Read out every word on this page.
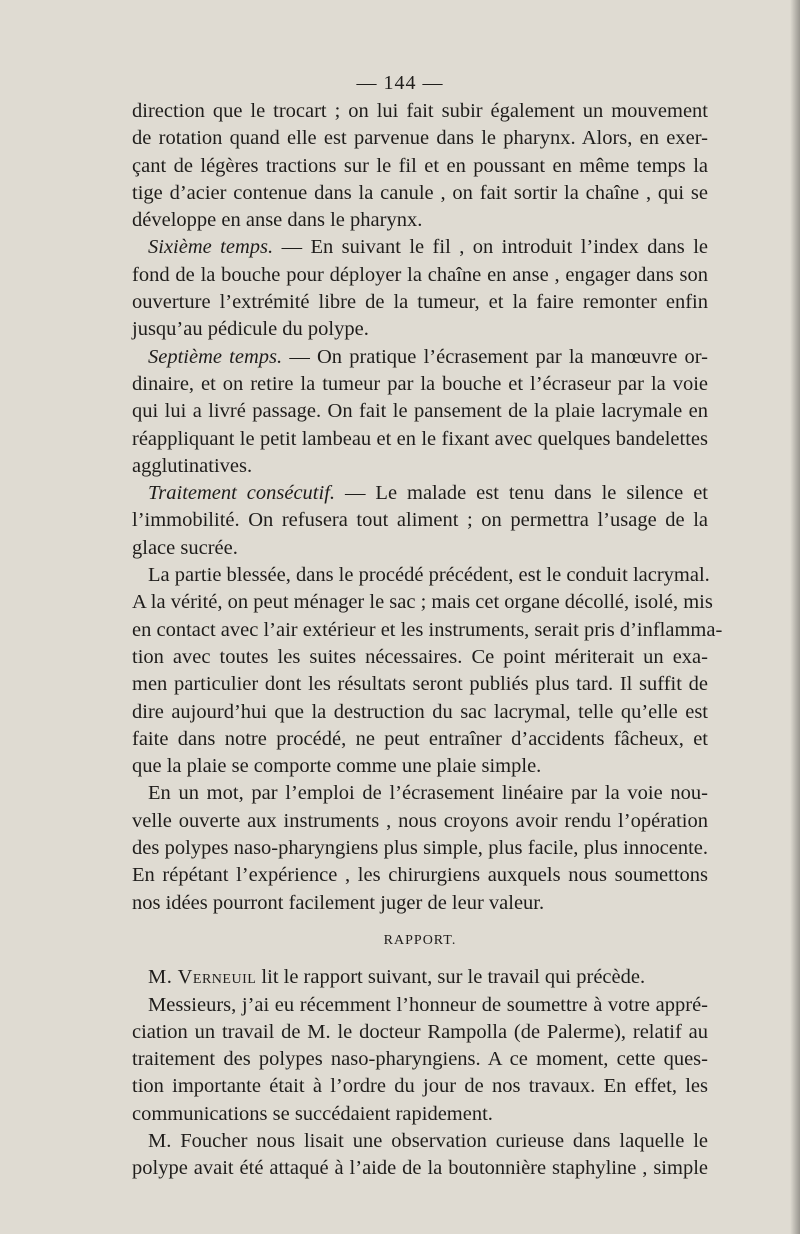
— 144 —
direction que le trocart ; on lui fait subir également un mouvement
de rotation quand elle est parvenue dans le pharynx. Alors, en exer-
çant de légères tractions sur le fil et en poussant en même temps la
tige d’acier contenue dans la canule , on fait sortir la chaîne , qui se
développe en anse dans le pharynx.
Sixième temps. — En suivant le fil , on introduit l’index dans le
fond de la bouche pour déployer la chaîne en anse , engager dans son
ouverture l’extrémité libre de la tumeur, et la faire remonter enfin
jusqu’au pédicule du polype.
Septième temps. — On pratique l’écrasement par la manœuvre or-
dinaire, et on retire la tumeur par la bouche et l’écraseur par la voie
qui lui a livré passage. On fait le pansement de la plaie lacrymale en
réappliquant le petit lambeau et en le fixant avec quelques bandelettes
agglutinatives.
Traitement consécutif. — Le malade est tenu dans le silence et
l’immobilité. On refusera tout aliment ; on permettra l’usage de la
glace sucrée.
La partie blessée, dans le procédé précédent, est le conduit lacrymal.
A la vérité, on peut ménager le sac ; mais cet organe décollé, isolé, mis
en contact avec l’air extérieur et les instruments, serait pris d’inflamma-
tion avec toutes les suites nécessaires. Ce point mériterait un exa-
men particulier dont les résultats seront publiés plus tard. Il suffit de
dire aujourd’hui que la destruction du sac lacrymal, telle qu’elle est
faite dans notre procédé, ne peut entraîner d’accidents fâcheux, et
que la plaie se comporte comme une plaie simple.
En un mot, par l’emploi de l’écrasement linéaire par la voie nou-
velle ouverte aux instruments , nous croyons avoir rendu l’opération
des polypes naso-pharyngiens plus simple, plus facile, plus innocente.
En répétant l’expérience , les chirurgiens auxquels nous soumettons
nos idées pourront facilement juger de leur valeur.
RAPPORT.
M. Verneuil lit le rapport suivant, sur le travail qui précède.
Messieurs, j’ai eu récemment l’honneur de soumettre à votre appré-
ciation un travail de M. le docteur Rampolla (de Palerme), relatif au
traitement des polypes naso-pharyngiens. A ce moment, cette ques-
tion importante était à l’ordre du jour de nos travaux. En effet, les
communications se succédaient rapidement.
M. Foucher nous lisait une observation curieuse dans laquelle le
polype avait été attaqué à l’aide de la boutonnière staphyline , simple
